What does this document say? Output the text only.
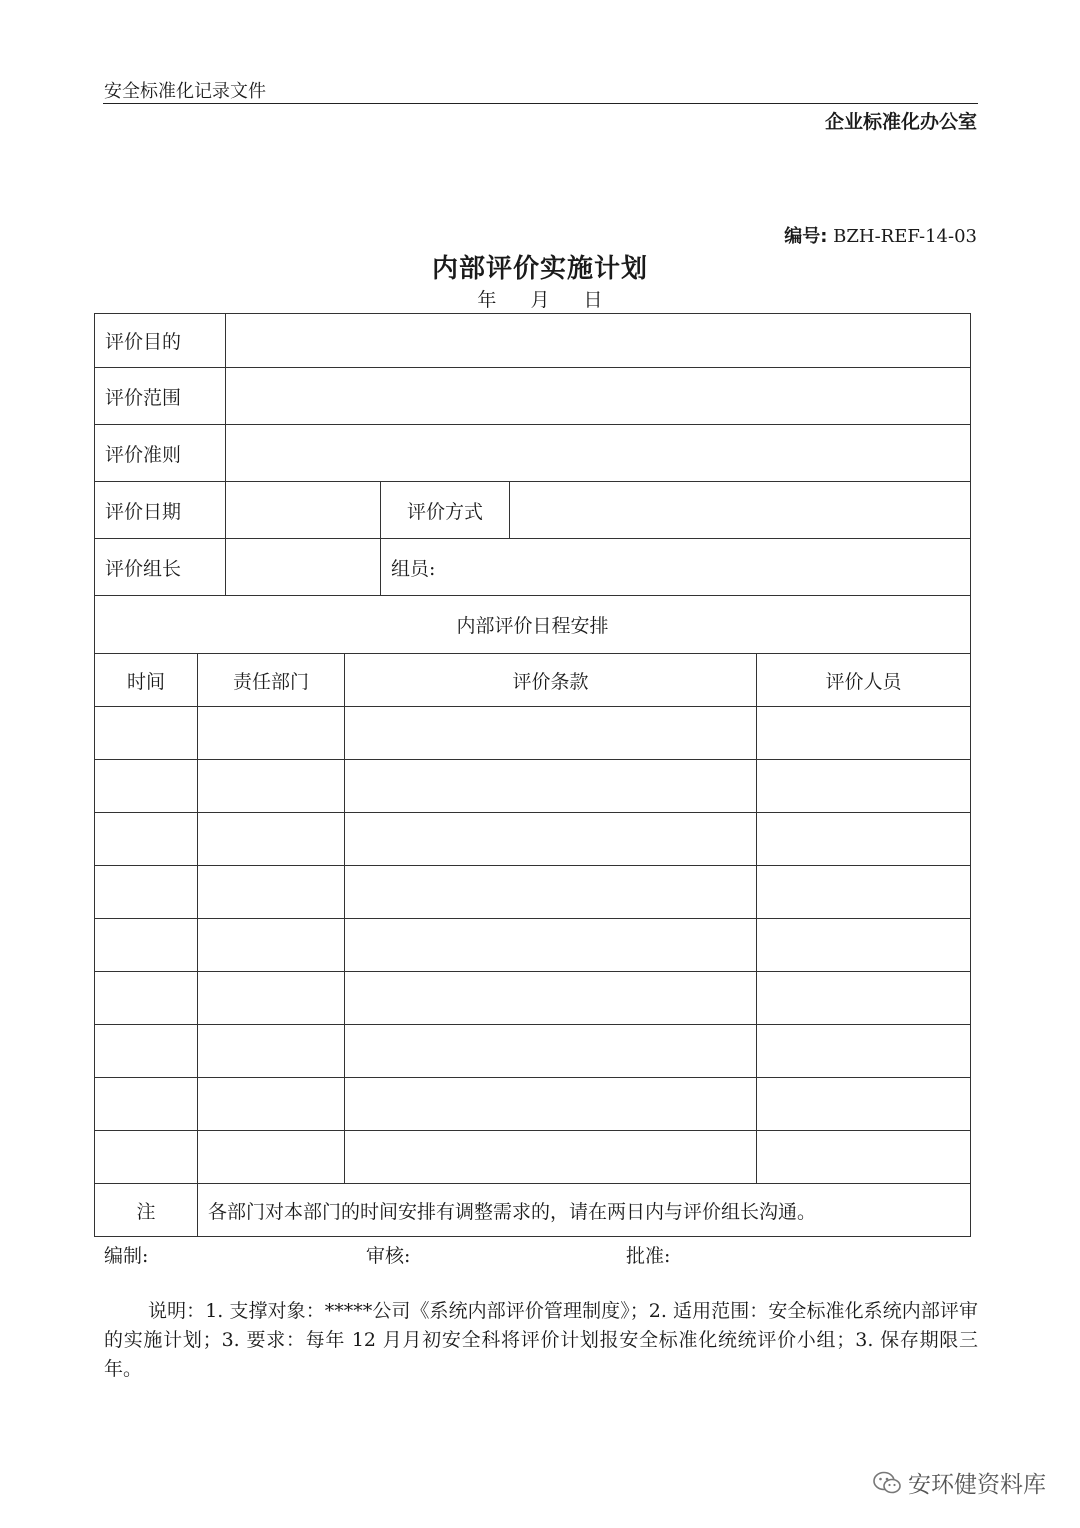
安全标准化记录文件
企业标准化办公室
编号: BZH-REF-14-03
内部评价实施计划
年 月 日
评价目的						
评价范围						
评价准则						
评价日期				评价方式		
评价组长				组员:		
内部评价日程安排						
时间	责任部门		评价条款			评价人员

注	各部门对本部门的时间安排有调整需求的，请在两日内与评价组长沟通。					
编制:	审核:	批准:
说明：1. 支撑对象：*****公司《系统内部评价管理制度》；2. 适用范围：安全标准化系统内部评审的实施计划；3. 要求：每年 12 月月初安全科将评价计划报安全标准化统统评价小组；3. 保存期限三年。
安环健资料库
